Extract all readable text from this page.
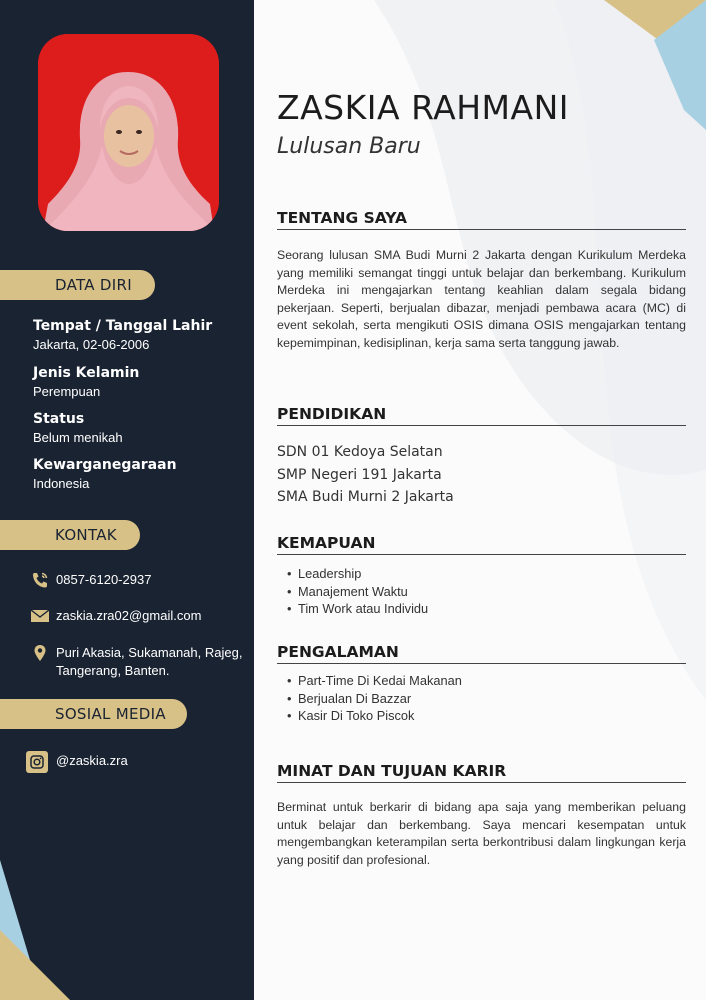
DATA DIRI
Tempat / Tanggal Lahir
Jakarta, 02-06-2006
Jenis Kelamin
Perempuan
Status
Belum menikah
Kewarganegaraan
Indonesia
KONTAK
0857-6120-2937
zaskia.zra02@gmail.com
Puri Akasia, Sukamanah, Rajeg,
Tangerang, Banten.
SOSIAL MEDIA
@zaskia.zra
ZASKIA RAHMANI
Lulusan Baru
TENTANG SAYA
Seorang lulusan SMA Budi Murni 2 Jakarta dengan Kurikulum Merdeka yang memiliki semangat tinggi untuk belajar dan berkembang. Kurikulum Merdeka ini mengajarkan tentang keahlian dalam segala bidang pekerjaan. Seperti, berjualan dibazar, menjadi pembawa acara (MC) di event sekolah, serta mengikuti OSIS dimana OSIS mengajarkan tentang kepemimpinan, kedisiplinan, kerja sama serta tanggung jawab.
PENDIDIKAN
SDN 01 Kedoya Selatan
SMP Negeri 191 Jakarta
SMA Budi Murni 2 Jakarta
KEMAPUAN
• Leadership
• Manajement Waktu
• Tim Work atau Individu
PENGALAMAN
• Part-Time Di Kedai Makanan
• Berjualan Di Bazzar
• Kasir Di Toko Piscok
MINAT DAN TUJUAN KARIR
Berminat untuk berkarir di bidang apa saja yang memberikan peluang untuk belajar dan berkembang. Saya mencari kesempatan untuk mengembangkan keterampilan serta berkontribusi dalam lingkungan kerja yang positif dan profesional.
